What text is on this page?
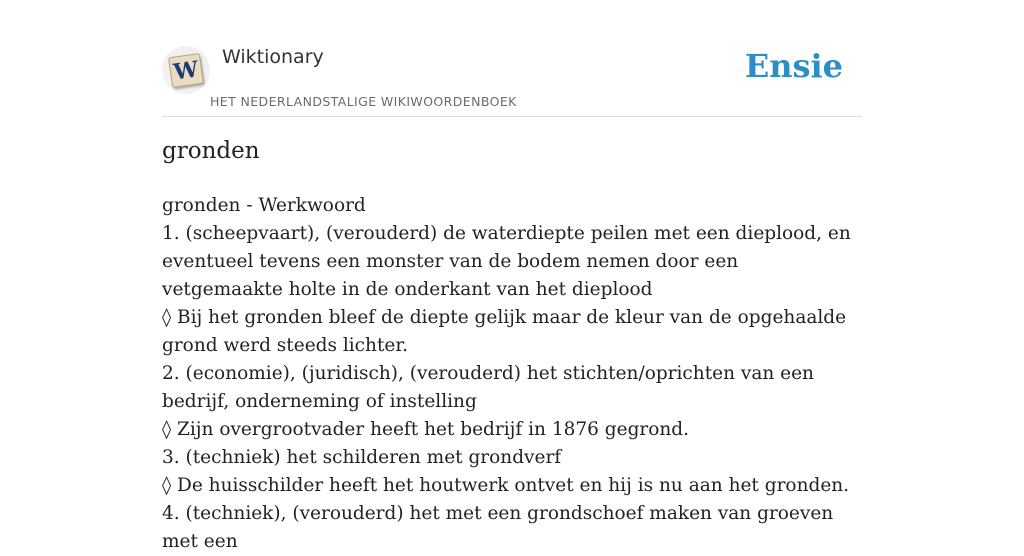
W Wiktionary
HET NEDERLANDSTALIGE WIKIWOORDENBOEK
Ensie
gronden
gronden - Werkwoord
1. (scheepvaart), (verouderd) de waterdiepte peilen met een dieplood, en eventueel tevens een monster van de bodem nemen door een vetgemaakte holte in de onderkant van het dieplood
◊ Bij het gronden bleef de diepte gelijk maar de kleur van de opgehaalde grond werd steeds lichter.
2. (economie), (juridisch), (verouderd) het stichten/oprichten van een bedrijf, onderneming of instelling
◊ Zijn overgrootvader heeft het bedrijf in 1876 gegrond.
3. (techniek) het schilderen met grondverf
◊ De huisschilder heeft het houtwerk ontvet en hij is nu aan het gronden.
4. (techniek), (verouderd) het met een grondschoef maken van groeven met een
